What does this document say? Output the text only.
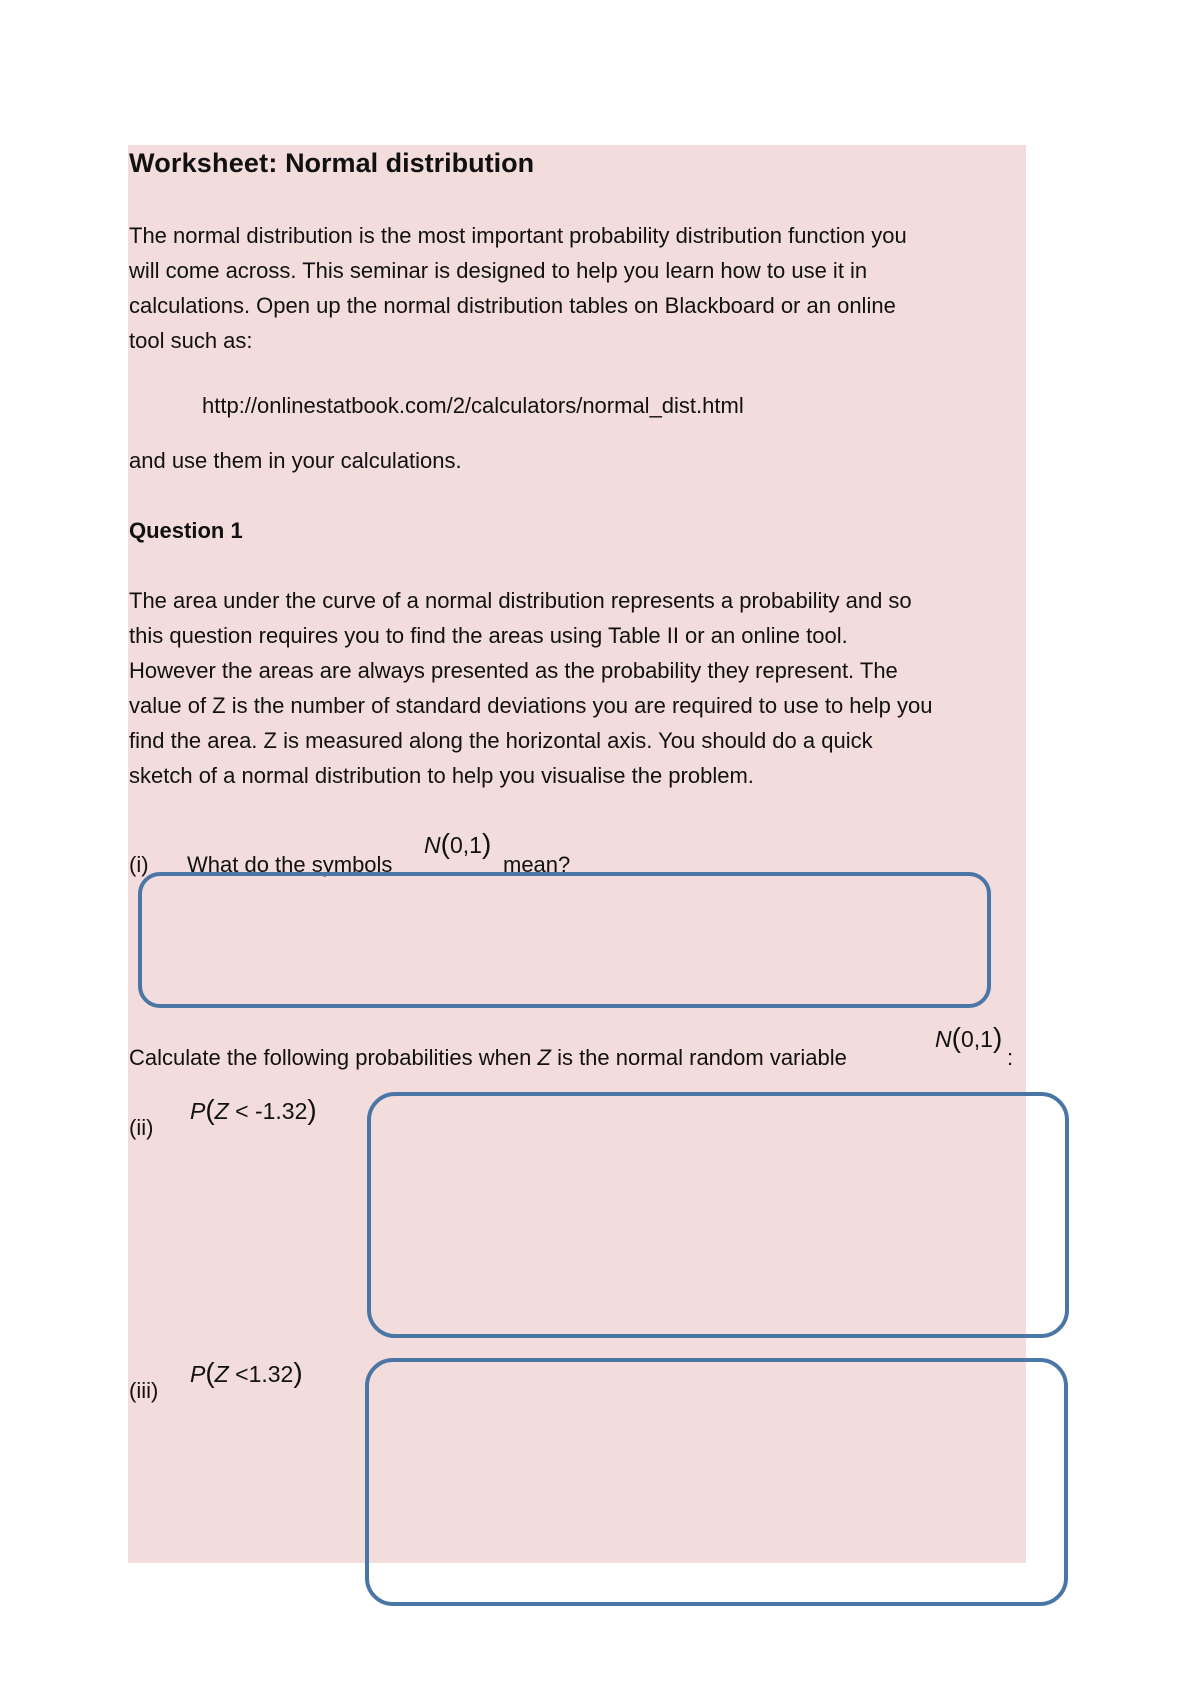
Worksheet: Normal distribution
The normal distribution is the most important probability distribution function you
will come across. This seminar is designed to help you learn how to use it in
calculations. Open up the normal distribution tables on Blackboard or an online
tool such as:
http://onlinestatbook.com/2/calculators/normal_dist.html
and use them in your calculations.
Question 1
The area under the curve of a normal distribution represents a probability and so
this question requires you to find the areas using Table II or an online tool.
However the areas are always presented as the probability they represent. The
value of Z is the number of standard deviations you are required to use to help you
find the area. Z is measured along the horizontal axis. You should do a quick
sketch of a normal distribution to help you visualise the problem.
(i) What do the symbols
N(0,1)
mean?
Calculate the following probabilities when Z is the normal random variable
N(0,1)
:
(ii)
P(Z < -1.32)
(iii)
P(Z <1.32)
